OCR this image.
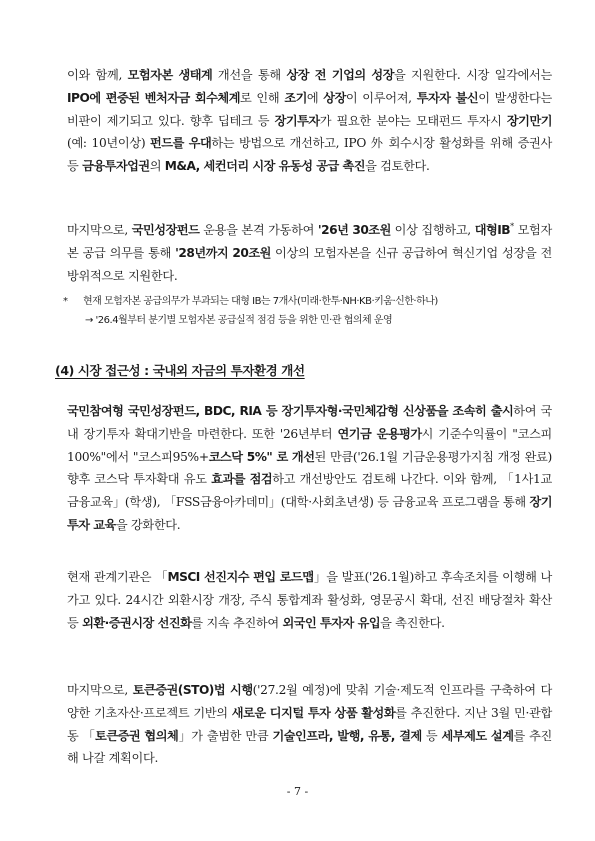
이와 함께, 모험자본 생태계 개선을 통해 상장 전 기업의 성장을 지원한다. 시장 일각에서는 IPO에 편중된 벤처자금 회수체계로 인해 조기에 상장이 이루어져, 투자자 불신이 발생한다는 비판이 제기되고 있다. 향후 딥테크 등 장기투자가 필요한 분야는 모태펀드 투자시 장기만기(예: 10년이상) 펀드를 우대하는 방법으로 개선하고, IPO 外 회수시장 활성화를 위해 증권사 등 금융투자업권의 M&A, 세컨더리 시장 유동성 공급 촉진을 검토한다.

마지막으로, 국민성장펀드 운용을 본격 가동하여 '26년 30조원 이상 집행하고, 대형IB* 모험자본 공급 의무를 통해 '28년까지 20조원 이상의 모험자본을 신규 공급하여 혁신기업 성장을 전방위적으로 지원한다.

* 현재 모험자본 공급의무가 부과되는 대형 IB는 7개사(미래·한투·NH·KB·키움·신한·하나)
→ '26.4월부터 분기별 모험자본 공급실적 점검 등을 위한 민·관 협의체 운영

(4) 시장 접근성 : 국내외 자금의 투자환경 개선

국민참여형 국민성장펀드, BDC, RIA 등 장기투자형·국민체감형 신상품을 조속히 출시하여 국내 장기투자 확대기반을 마련한다. 또한 '26년부터 연기금 운용평가시 기준수익률이 "코스피 100%"에서 "코스피95%+코스닥 5%" 로 개선된 만큼('26.1월 기금운용평가지침 개정 완료) 향후 코스닥 투자확대 유도 효과를 점검하고 개선방안도 검토해 나간다. 이와 함께, 「1사1교 금융교육」(학생), 「FSS금융아카데미」(대학·사회초년생) 등 금융교육 프로그램을 통해 장기투자 교육을 강화한다.

현재 관계기관은 「MSCI 선진지수 편입 로드맵」을 발표('26.1월)하고 후속조치를 이행해 나가고 있다. 24시간 외환시장 개장, 주식 통합계좌 활성화, 영문공시 확대, 선진 배당절차 확산 등 외환·증권시장 선진화를 지속 추진하여 외국인 투자자 유입을 촉진한다.

마지막으로, 토큰증권(STO)법 시행('27.2월 예정)에 맞춰 기술·제도적 인프라를 구축하여 다양한 기초자산·프로젝트 기반의 새로운 디지털 투자 상품 활성화를 추진한다. 지난 3월 민·관합동 「토큰증권 협의체」가 출범한 만큼 기술인프라, 발행, 유통, 결제 등 세부제도 설계를 추진해 나갈 계획이다.

- 7 -
